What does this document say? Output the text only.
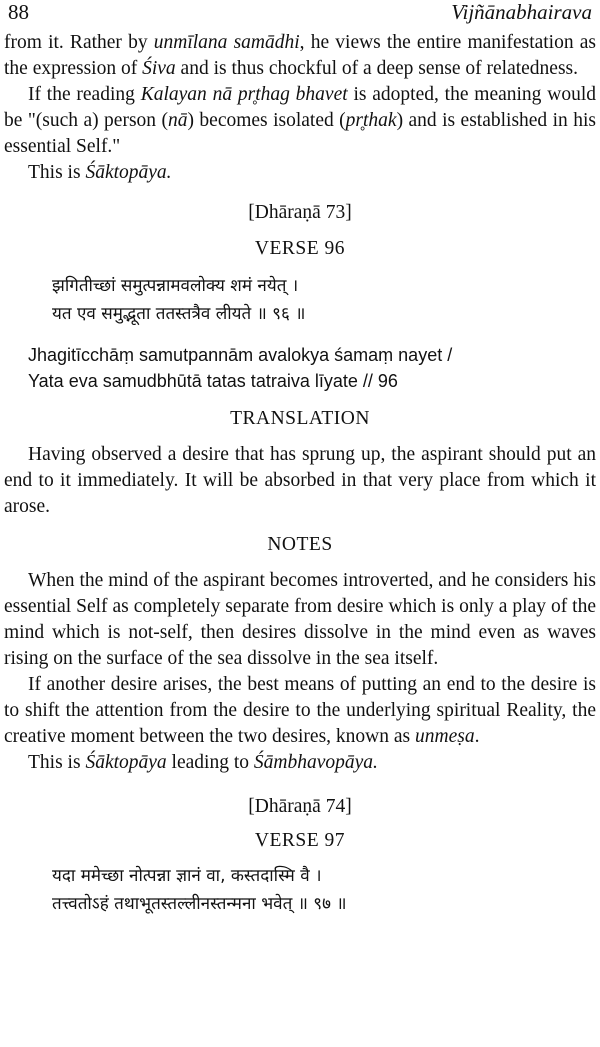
88	Vijñānabhairava

from it. Rather by unmīlana samādhi, he views the entire manifestation as the expression of Śiva and is thus chockful of a deep sense of relatedness.

If the reading Kalayan nā pr̥thag bhavet is adopted, the meaning would be "(such a) person (nā) becomes isolated (pr̥thak) and is established in his essential Self."

This is Śāktopāya.

[Dhāraṇā 73]

VERSE 96

झगितीच्छां समुत्पन्नामवलोक्य शमं नयेत् ।

यत एव समुद्भूता ततस्तत्रैव लीयते ॥ ९६ ॥

Jhagitīcchāṃ samutpannām avalokya śamaṃ nayet /

Yata eva samudbhūtā tatas tatraiva līyate // 96

TRANSLATION

Having observed a desire that has sprung up, the aspirant should put an end to it immediately. It will be absorbed in that very place from which it arose.

NOTES

When the mind of the aspirant becomes introverted, and he considers his essential Self as completely separate from desire which is only a play of the mind which is not-self, then desires dissolve in the mind even as waves rising on the surface of the sea dissolve in the sea itself.

If another desire arises, the best means of putting an end to the desire is to shift the attention from the desire to the underlying spiritual Reality, the creative moment between the two desires, known as unmeṣa.

This is Śāktopāya leading to Śāmbhavopāya.

[Dhāraṇā 74]

VERSE 97

यदा ममेच्छा नोत्पन्ना ज्ञानं वा, कस्तदास्मि वै ।

तत्त्वतोऽहं तथाभूतस्तल्लीनस्तन्मना भवेत् ॥ ९७ ॥
